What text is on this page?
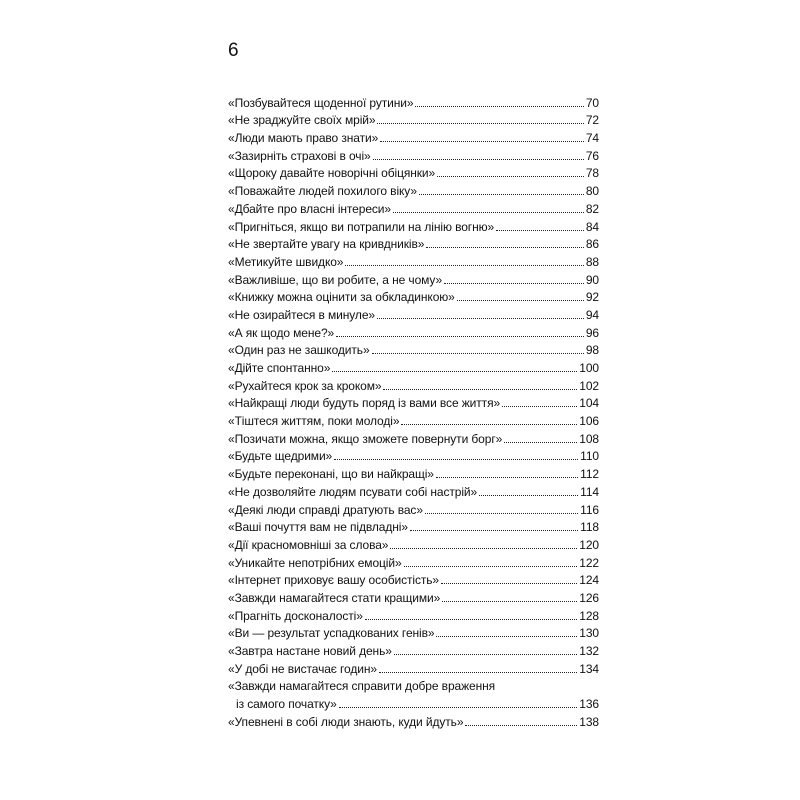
6
«Позбувайтеся щоденної рутини»	70
«Не зраджуйте своїх мрій»	72
«Люди мають право знати»	74
«Зазирніть страхові в очі»	76
«Щороку давайте новорічні обіцянки»	78
«Поважайте людей похилого віку»	80
«Дбайте про власні інтереси»	82
«Пригніться, якщо ви потрапили на лінію вогню»	84
«Не звертайте увагу на кривдників»	86
«Метикуйте швидко»	88
«Важливіше, що ви робите, а не чому»	90
«Книжку можна оцінити за обкладинкою»	92
«Не озирайтеся в минуле»	94
«А як щодо мене?»	96
«Один раз не зашкодить»	98
«Дійте спонтанно»	100
«Рухайтеся крок за кроком»	102
«Найкращі люди будуть поряд із вами все життя»	104
«Тіштеся життям, поки молоді»	106
«Позичати можна, якщо зможете повернути борг»	108
«Будьте щедрими»	110
«Будьте переконані, що ви найкращі»	112
«Не дозволяйте людям псувати собі настрій»	114
«Деякі люди справді дратують вас»	116
«Ваші почуття вам не підвладні»	118
«Дії красномовніші за слова»	120
«Уникайте непотрібних емоцій»	122
«Інтернет приховує вашу особистість»	124
«Завжди намагайтеся стати кращими»	126
«Прагніть досконалості»	128
«Ви — результат успадкованих генів»	130
«Завтра настане новий день»	132
«У добі не вистачає годин»	134
«Завжди намагайтеся справити добре враження
із самого початку»	136
«Упевнені в собі люди знають, куди йдуть»	138
